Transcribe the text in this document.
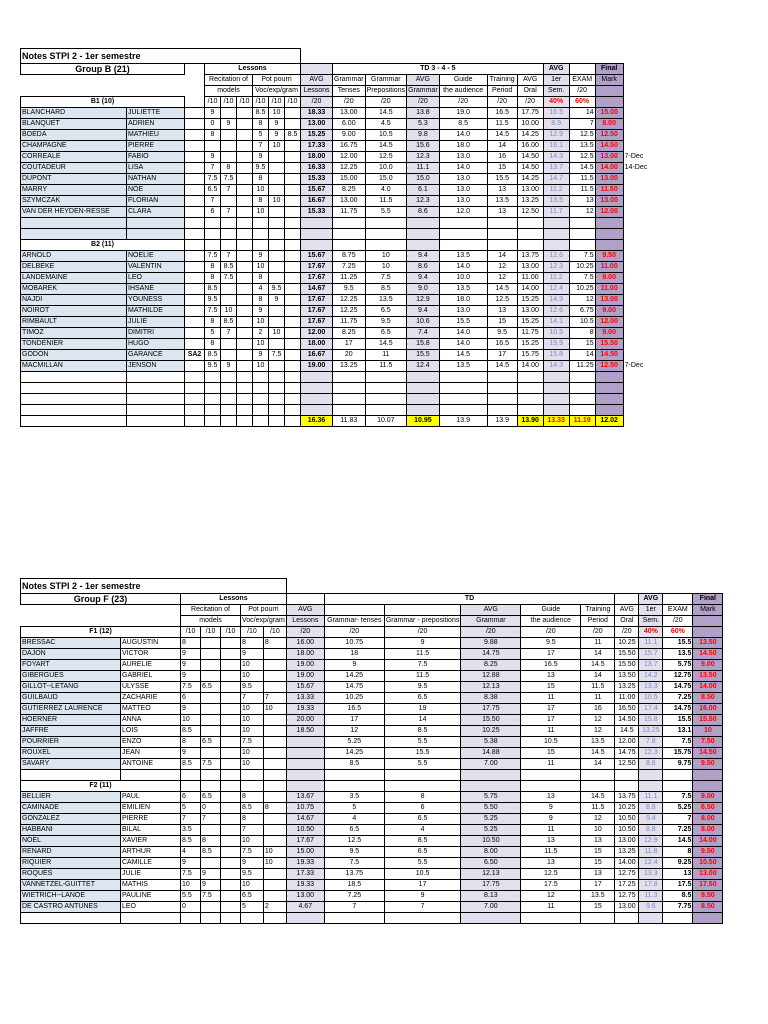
Notes STPI 2 - 1er semestre																			
Group B (21)			Lessons							TD 3 - 4 - 5						AVG		Final	
			Recitation of			Pot pourri			AVG	Grammar	Grammar	AVG	Guide	Training	AVG	1er	EXAM	Mark	
			models			Voc/exp/gram			Lessons	Tenses	Prepositions	Grammar	the audience	Period	Oral	Sem.	/20		
B1 (10)			/10	/10	/10	/10	/10	/10	/20	/20	/20	/20	/20	/20	/20	40%	60%		
BLANCHARD	JULIETTE		9			8.5	10		18.33	13.00	14.5	13.8	19.0	16.5	17.75	16.5	14	15.00	
BLANQUET	ADRIEN		0	9		8	9		13.00	6.00	4.5	5.3	8.5	11.5	10.00	8.9	7	8.00	
BOEDA	MATHIEU		8			5	9	8.5	15.25	9.00	10.5	9.8	14.0	14.5	14.25	12.9	12.5	12.50	
CHAMPAGNE	PIERRE					7	10		17.33	16.75	14.5	15.6	18.0	14	16.00	16.1	13.5	14.50	
CORREALE	FABIO		9			9			18.00	12.00	12.5	12.3	13.0	16	14.50	14.3	12.5	13.00	7-Dec
COUTADEUR	LISA		7	8		9.5			16.33	12.25	10.0	11.1	14.0	15	14.50	13.7	14.5	14.00	14-Dec
DUPONT	NATHAN		7.5	7.5		8			15.33	15.00	15.0	15.0	13.0	15.5	14.25	14.7	11.5	13.00	
MARRY	NOE		6.5	7		10			15.67	8.25	4.0	6.1	13.0	13	13.00	11.2	11.5	11.50	
SZYMCZAK	FLORIAN		7			8	10		16.67	13.00	11.5	12.3	13.0	13.5	13.25	13.5	13	13.00	
VAN DER HEYDEN-RESSE	CLARA		6	7		10			15.33	11.75	5.5	8.6	12.0	13	12.50	11.7	12	12.00	

B2 (11)																			
ARNOLD	NOELIE		7.5	7		9			15.67	8.75	10	9.4	13.5	14	13.75	12.6	7.5	9.50	
DELBEKE	VALENTIN		8	8.5		10			17.67	7.25	10	8.6	14.0	12	13.00	12.3	10.25	11.00	
LANDEMAINE	LEO		8	7.5		8			17.67	11.25	7.5	9.4	10.0	12	11.00	11.2	7.5	9.00	
MOBAREK	IHSANE		8.5			4	9.5		14.67	9.5	8.5	9.0	13.5	14.5	14.00	12.4	10.25	11.00	
NAJDI	YOUNESS		9.5			8	9		17.67	12.25	13.5	12.9	18.0	12.5	15.25	14.9	12	13.00	
NOIROT	MATHILDE		7.5	10		9			17.67	12.25	6.5	9.4	13.0	13	13.00	12.6	6.75	9.00	
RIMBAULT	JULIE		8	8.5		10			17.67	11.75	9.5	10.6	15.5	15	15.25	14.1	10.5	12.00	
TIMOZ	DIMITRI		5	7		2	10		12.00	8.25	6.5	7.4	14.0	9.5	11.75	10.5	8	9.00	
TONDENIER	HUGO		8			10			18.00	17	14.5	15.8	14.0	16.5	15.25	15.9	15	15.50	
GODON	GARANCE	SA2	8.5			9	7.5		16.67	20	11	15.5	14.5	17	15.75	15.8	14	14.50	
MACMILLAN	JENSON		9.5	9		10			19.00	13.25	11.5	12.4	13.5	14.5	14.00	14.3	11.25	12.50	7-Dec

									16.36	11.83	10.07	10.95	13.9	13.9	13.90	13.33	11.19	12.02	
Notes STPI 2 - 1er semestre																
Group F (23)		Lessons						TD						AVG		Final
		Recitation of			Pot pourri		AVG			AVG	Guide	Training	AVG	1er	EXAM	Mark
		models			Voc/exp/gram		Lessons	Grammar- tenses	Grammar - prepositions	Grammar	the audience	Period	Oral	Sem.	/20	
F1 (12)		/10	/10	/10	/10	/10	/20	/20	/20	/20	/20	/20	/20	40%	60%	
BRESSAC	AUGUSTIN	8			8	8	16.00	10.75	9	9.88	9.5	11	10.25	11.1	15.5	13.50
DAJON	VICTOR	9			9		18.00	18	11.5	14.75	17	14	15.50	15.7	13.5	14.50
FOYART	AURELIE	9			10		19.00	9	7.5	8.25	16.5	14.5	15.50	13.7	5.75	9.00
GIBERGUES	GABRIEL	9			10		19.00	14.25	11.5	12.88	13	14	13.50	14.2	12.75	13.50
GILLOT--LETANG	ULYSSE	7.5	6.5		9.5		15.67	14.75	9.5	12.13	15	11.5	13.25	13.3	14.75	14.00
GUILBAUD	ZACHARIE	6			7	7	13.33	10.25	6.5	8.38	11	11	11.00	10.5	7.25	8.50
GUTIERREZ LAURENCE	MATTEO	9			10	10	19.33	16.5	19	17.75	17	16	16.50	17.4	14.75	16.00
HOERNER	ANNA	10			10		20.00	17	14	15.50	17	12	14.50	15.8	15.5	15.50
JAFFRE	LOIS	8.5			10		18.50	12	8.5	10.25	11	12	14.5	13.25	13.1	10
POURRIER	ENZO	8	6.5		7.5			5.25	5.5	5.38	10.5	13.5	12.00	7.8	7.5	7.50
ROUXEL	JEAN	9			10			14.25	15.5	14.88	15	14.5	14.75	12.3	15.75	14.50
SAVARY	ANTOINE	8.5	7.5		10			8.5	5.5	7.00	11	14	12.50	8.6	9.75	9.50

F2 (11)																
BELLIER	PAUL	6	6.5		8		13.67	3.5	8	5.75	13	14.5	13.75	11.1	7.5	9.00
CAMINADE	EMILIEN	5	0		8.5	8	10.75	5	6	5.50	9	11.5	10.25	8.8	5.25	6.50
GONZALEZ	PIERRE	7	7		8		14.67	4	6.5	5.25	9	12	10.50	9.4	7	8.00
HABBANI	BILAL	3.5			7		10.50	6.5	4	5.25	11	10	10.50	8.8	7.25	8.00
NOEL	XAVIER	8.5	8		10		17.67	12.5	8.5	10.50	13	13	13.00	12.9	14.5	14.00
RENARD	ARTHUR	4	8.5		7.5	10	15.00	9.5	6.5	8.00	11.5	15	13.25	11.8	8	9.50
RIQUIER	CAMILLE	9			9	10	19.33	7.5	5.5	6.50	13	15	14.00	12.4	9.25	10.50
ROQUES	JULIE	7.5	9		9.5		17.33	13.75	10.5	12.13	12.5	13	12.75	13.3	13	13.00
VANNETZEL-GUITTET	MATHIS	10	9		10		19.33	18.5	17	17.75	17.5	17	17.25	17.8	17.5	17.50
WIETRICH--LANOE	PAULINE	5.5	7.5		6.5		13.00	7.25	9	8.13	12	13.5	12.75	11.3	8.5	9.50
DE CASTRO ANTUNES	LEO	0			5	2	4.67	7	7	7.00	11	15	13.00	9.6	7.75	8.50
